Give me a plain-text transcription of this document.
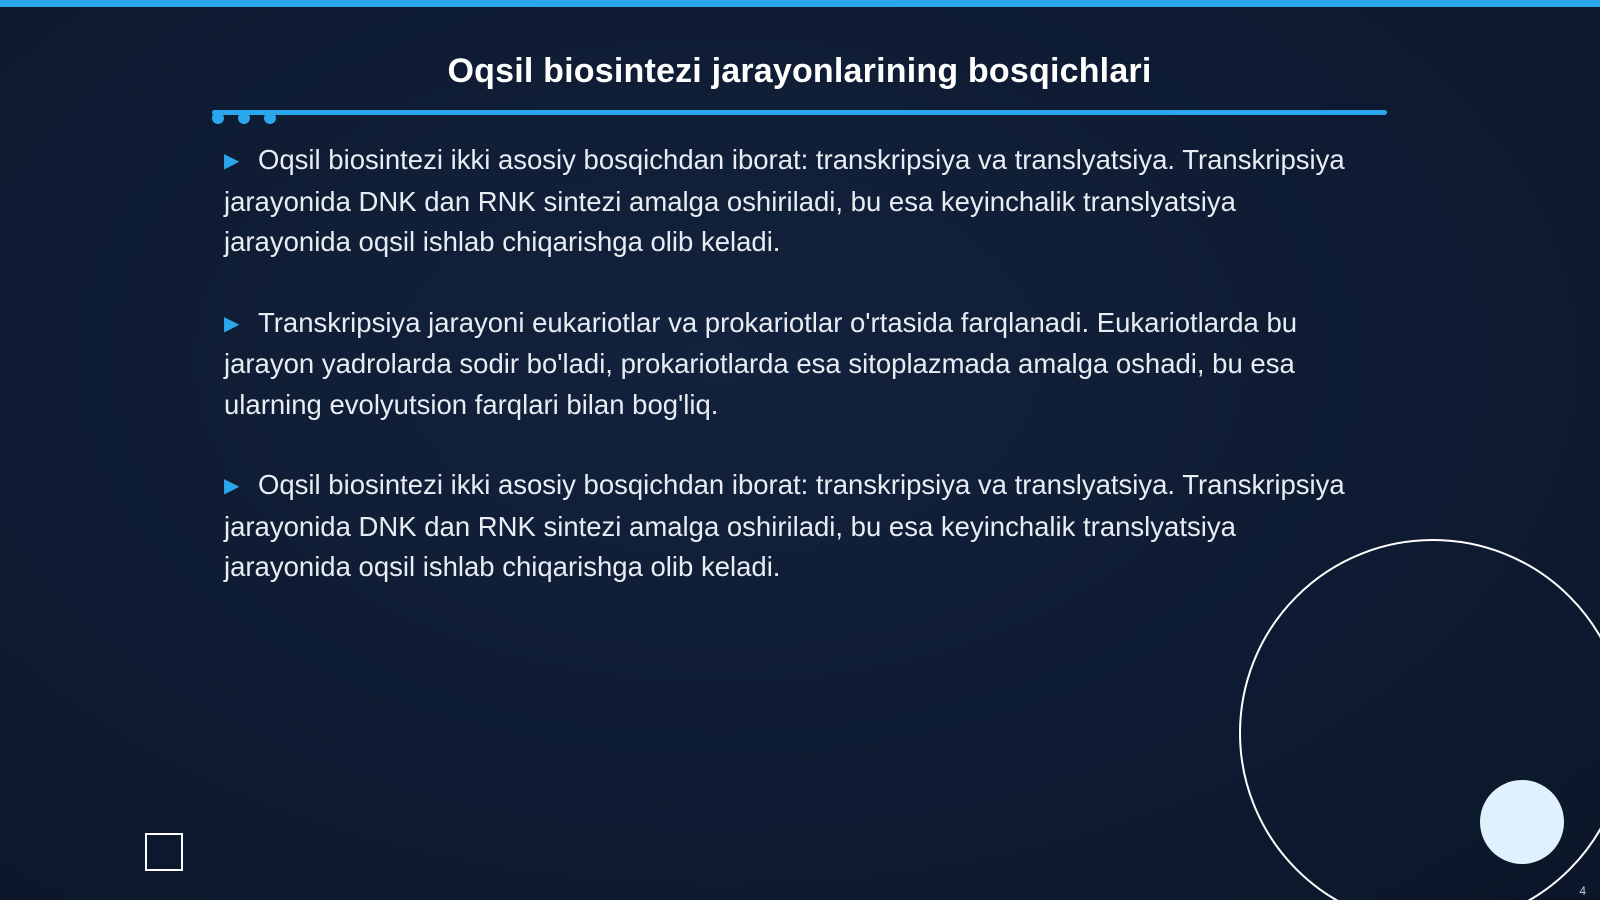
Oqsil biosintezi jarayonlarining bosqichlari

▶ Oqsil biosintezi ikki asosiy bosqichdan iborat: transkripsiya va translyatsiya. Transkripsiya jarayonida DNK dan RNK sintezi amalga oshiriladi, bu esa keyinchalik translyatsiya jarayonida oqsil ishlab chiqarishga olib keladi.

▶ Transkripsiya jarayoni eukariotlar va prokariotlar o'rtasida farqlanadi. Eukariotlarda bu jarayon yadrolarda sodir bo'ladi, prokariotlarda esa sitoplazmada amalga oshadi, bu esa ularning evolyutsion farqlari bilan bog'liq.

▶ Oqsil biosintezi ikki asosiy bosqichdan iborat: transkripsiya va translyatsiya. Transkripsiya jarayonida DNK dan RNK sintezi amalga oshiriladi, bu esa keyinchalik translyatsiya jarayonida oqsil ishlab chiqarishga olib keladi.

4
